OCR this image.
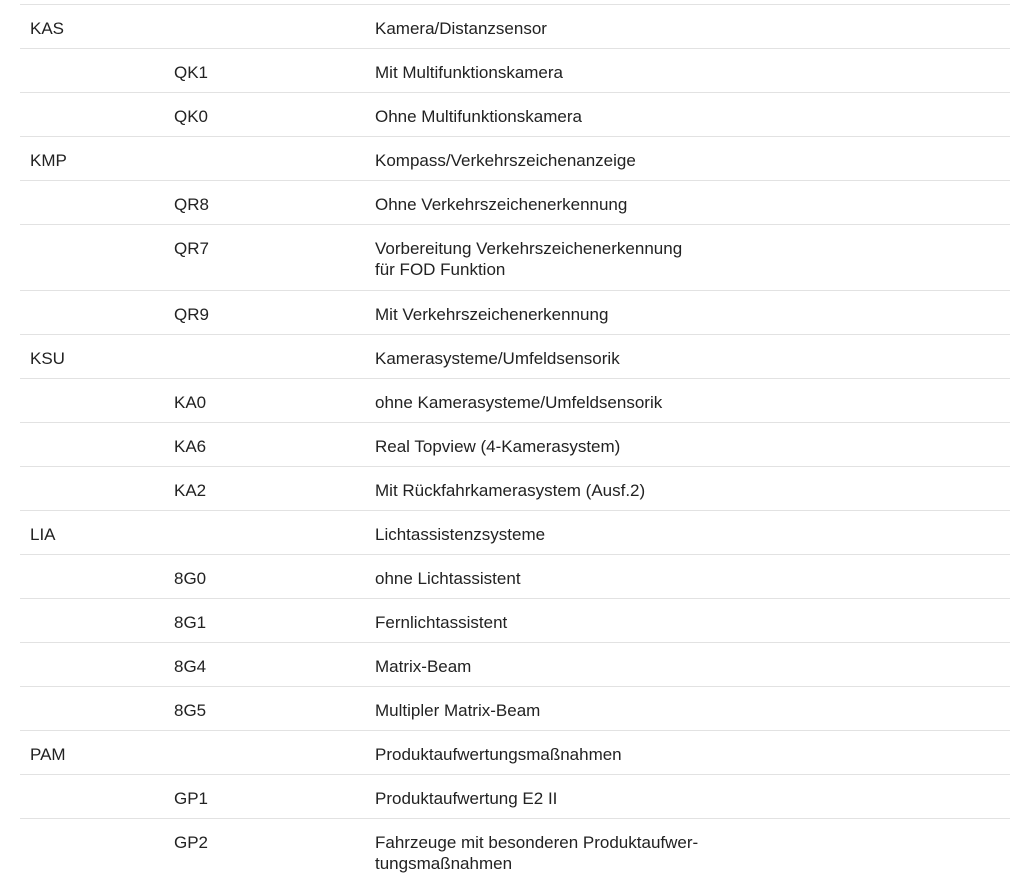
KAS	Kamera/Distanzsensor
QK1	Mit Multifunktionskamera
QK0	Ohne Multifunktionskamera
KMP	Kompass/Verkehrszeichenanzeige
QR8	Ohne Verkehrszeichenerkennung
QR7	Vorbereitung Verkehrszeichenerkennung
für FOD Funktion
QR9	Mit Verkehrszeichenerkennung
KSU	Kamerasysteme/Umfeldsensorik
KA0	ohne Kamerasysteme/Umfeldsensorik
KA6	Real Topview (4-Kamerasystem)
KA2	Mit Rückfahrkamerasystem (Ausf.2)
LIA	Lichtassistenzsysteme
8G0	ohne Lichtassistent
8G1	Fernlichtassistent
8G4	Matrix-Beam
8G5	Multipler Matrix-Beam
PAM	Produktaufwertungsmaßnahmen
GP1	Produktaufwertung E2 II
GP2	Fahrzeuge mit besonderen Produktaufwer-
tungsmaßnahmen
